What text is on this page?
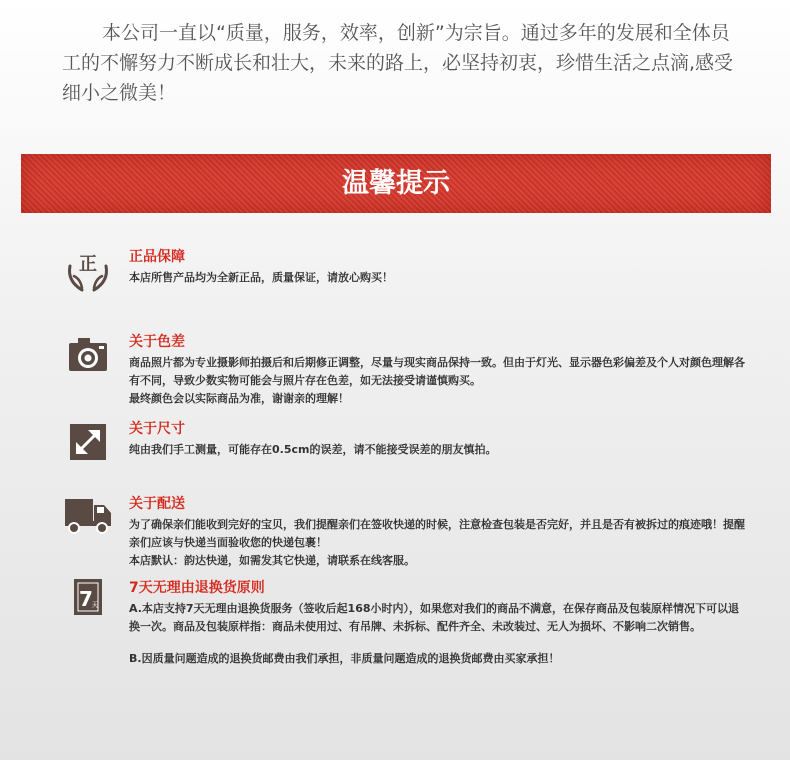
本公司一直以“质量，服务，效率，创新”为宗旨。通过多年的发展和全体员工的不懈努力不断成长和壮大，未来的路上，必坚持初衷，珍惜生活之点滴,感受细小之微美！
温馨提示
正 正品保障

本店所售产品均为全新正品，质量保证，请放心购买！

关于色差

商品照片都为专业摄影师拍摄后和后期修正调整，尽量与现实商品保持一致。但由于灯光、显示器色彩偏差及个人对颜色理解各有不同，导致少数实物可能会与照片存在色差，如无法接受请谨慎购买。

最终颜色会以实际商品为准，谢谢亲的理解！

关于尺寸

纯由我们手工测量，可能存在0.5cm的误差，请不能接受误差的朋友慎拍。

关于配送

为了确保亲们能收到完好的宝贝，我们提醒亲们在签收快递的时候，注意检查包装是否完好，并且是否有被拆过的痕迹哦！提醒亲们应该与快递当面验收您的快递包裹！

本店默认：韵达快递，如需发其它快递，请联系在线客服。

7
天
7天无理由退换货原则

A.本店支持7天无理由退换货服务（签收后起168小时内），如果您对我们的商品不满意，在保存商品及包装原样情况下可以退换一次。商品及包装原样指：商品未使用过、有吊牌、未拆标、配件齐全、未改装过、无人为损坏、不影响二次销售。

B.因质量问题造成的退换货邮费由我们承担，非质量问题造成的退换货邮费由买家承担！
